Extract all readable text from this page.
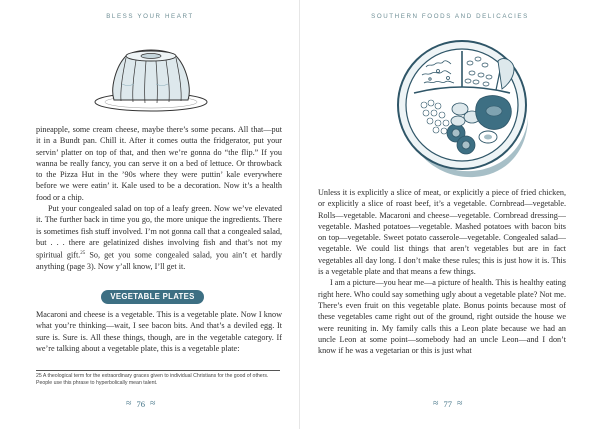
BLESS YOUR HEART

pineapple, some cream cheese, maybe there’s some pecans. All that—put it in a Bundt pan. Chill it. After it comes outta the fridgerator, put your servin’ platter on top of that, and then we’re gonna do “the flip.” If you wanna be really fancy, you can serve it on a bed of lettuce. Or throwback to the Pizza Hut in the ’90s where they were puttin’ kale everywhere before we were eatin’ it. Kale used to be a decoration. Now it’s a health food or a chip.

Put your congealed salad on top of a leafy green. Now we’ve elevated it. The further back in time you go, the more unique the ingredients. There is sometimes fish stuff involved. I’m not gonna call that a congealed salad, but . . . there are gelatinized dishes involving fish and that’s not my spiritual gift.$^{25}$ So, get you some congealed salad, you ain’t et hardly anything (page 3). Now y’all know, I’ll get it.

VEGETABLE PLATES

Macaroni and cheese is a vegetable. This is a vegetable plate. Now I know what you’re thinking—wait, I see bacon bits. And that’s a deviled egg. It sure is. Sure is. All these things, though, are in the vegetable category. If we’re talking about a vegetable plate, this is a vegetable plate:

25 A theological term for the extraordinary graces given to individual Christians for the good of others. People use this phrase to hyperbolically mean talent.
≈ 76 ≈
SOUTHERN FOODS AND DELICACIES

Unless it is explicitly a slice of meat, or explicitly a piece of fried chicken, or explicitly a slice of roast beef, it’s a vegetable. Cornbread—vegetable. Rolls—vegetable. Macaroni and cheese—vegetable. Cornbread dressing—vegetable. Mashed potatoes—vegetable. Mashed potatoes with bacon bits on top—vegetable. Sweet potato casserole—vegetable. Congealed salad—vegetable. We could list things that aren’t vegetables but are in fact vegetables all day long. I don’t make these rules; this is just how it is. This is a vegetable plate and that means a few things.

I am a picture—you hear me—a picture of health. This is healthy eating right here. Who could say something ugly about a vegetable plate? Not me. There’s even fruit on this vegetable plate. Bonus points because most of these vegetables came right out of the ground, right outside the house we were reuniting in. My family calls this a Leon plate because we had an uncle Leon at some point—somebody had an uncle Leon—and I don’t know if he was a vegetarian or this is just what

≈ 77 ≈
